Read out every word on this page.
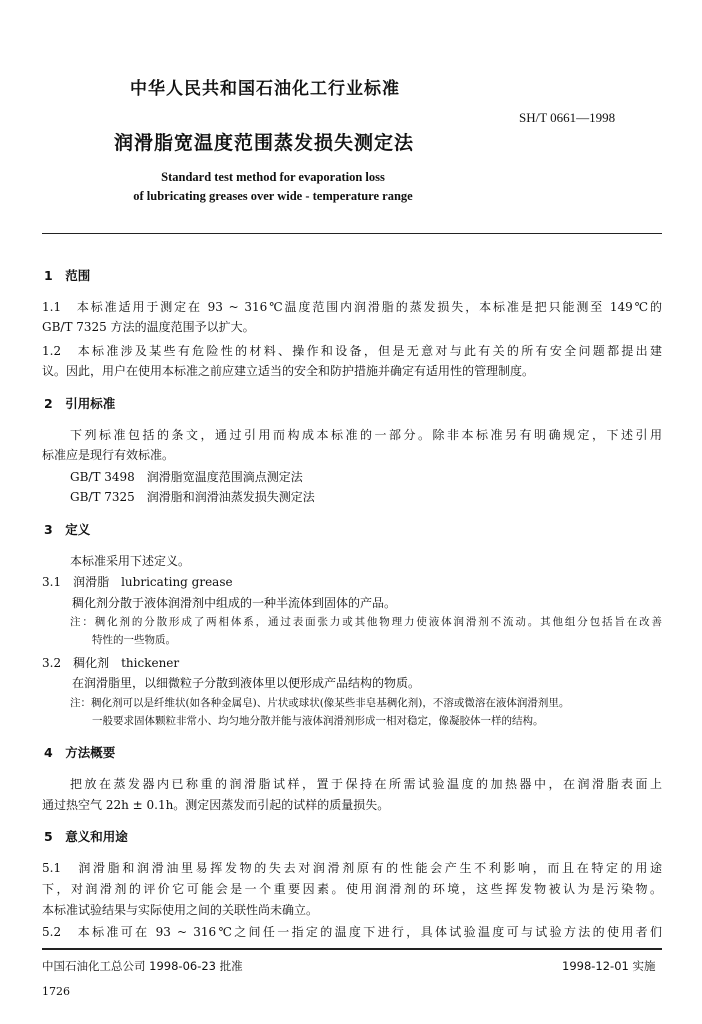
中华人民共和国石油化工行业标准
SH/T 0661—1998
润滑脂宽温度范围蒸发损失测定法
Standard test method for evaporation loss
of lubricating greases over wide - temperature range
1　范围
1.1　本标准适用于测定在 93 ~ 316℃温度范围内润滑脂的蒸发损失，本标准是把只能测至 149℃的
GB/T 7325 方法的温度范围予以扩大。
1.2　本标准涉及某些有危险性的材料、操作和设备，但是无意对与此有关的所有安全问题都提出建
议。因此，用户在使用本标准之前应建立适当的安全和防护措施并确定有适用性的管理制度。
2　引用标准
下列标准包括的条文，通过引用而构成本标准的一部分。除非本标准另有明确规定，下述引用
标准应是现行有效标准。
GB/T 3498　润滑脂宽温度范围滴点测定法
GB/T 7325　润滑脂和润滑油蒸发损失测定法
3　定义
本标准采用下述定义。
3.1　润滑脂　lubricating grease
稠化剂分散于液体润滑剂中组成的一种半流体到固体的产品。
注：稠化剂的分散形成了两相体系，通过表面张力或其他物理力使液体润滑剂不流动。其他组分包括旨在改善
特性的一些物质。
3.2　稠化剂　thickener
在润滑脂里，以细微粒子分散到液体里以便形成产品结构的物质。
注：稠化剂可以是纤维状(如各种金属皂)、片状或球状(像某些非皂基稠化剂)，不溶或微溶在液体润滑剂里。
一般要求固体颗粒非常小、均匀地分散并能与液体润滑剂形成一相对稳定，像凝胶体一样的结构。
4　方法概要
把放在蒸发器内已称重的润滑脂试样，置于保持在所需试验温度的加热器中，在润滑脂表面上
通过热空气 22h ± 0.1h。测定因蒸发而引起的试样的质量损失。
5　意义和用途
5.1　润滑脂和润滑油里易挥发物的失去对润滑剂原有的性能会产生不利影响，而且在特定的用途
下，对润滑剂的评价它可能会是一个重要因素。使用润滑剂的环境，这些挥发物被认为是污染物。
本标准试验结果与实际使用之间的关联性尚未确立。
5.2　本标准可在 93 ~ 316℃之间任一指定的温度下进行，具体试验温度可与试验方法的使用者们
中国石油化工总公司 1998-06-23 批准	1998-12-01 实施
1726
